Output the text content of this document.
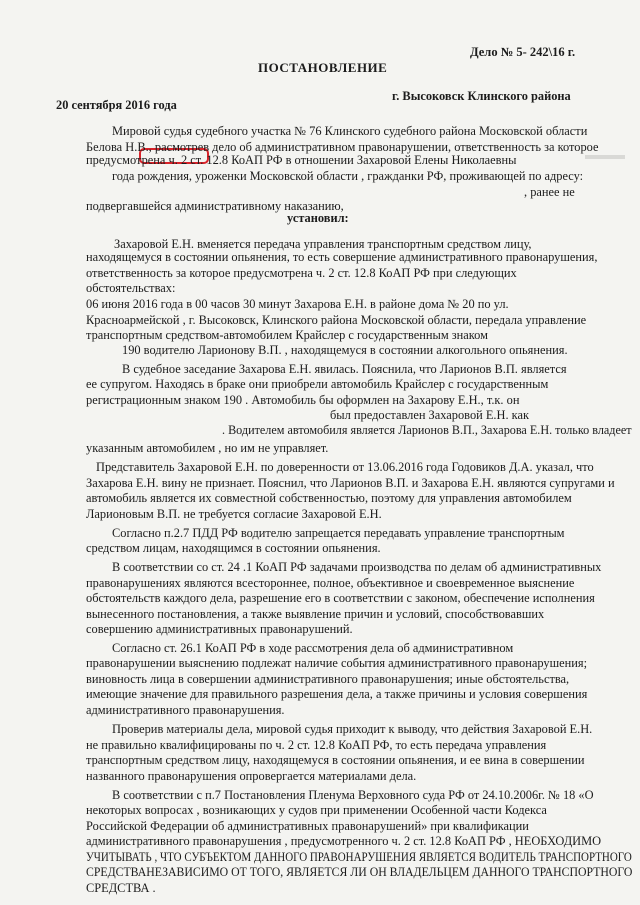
Дело № 5- 242\16 г.
ПОСТАНОВЛЕНИЕ
20 сентября 2016 года
г. Высоковск Клинского района
Мировой судья судебного участка № 76 Клинского судебного района Московской области
Белова Н.В., расмотрев дело об административном правонарушении, ответственность за которое
предусмотрена ч. 2 ст. 12.8 КоАП РФ в отношении Захаровой Елены Николаевны
года рождения, уроженки Московской области , гражданки РФ, проживающей по адресу:
, ранее не
подвергавшейся административному наказанию,
установил:
Захаровой Е.Н. вменяется передача управления транспортным средством лицу,
находящемуся в состоянии опьянения, то есть совершение административного правонарушения,
ответственность за которое предусмотрена ч. 2 ст. 12.8 КоАП РФ при следующих
обстоятельствах:
06 июня 2016 года в 00 часов 30 минут Захарова Е.Н. в районе дома № 20 по ул.
Красноармейской , г. Высоковск, Клинского района Московской области, передала управление
транспортным средством-автомобилем Крайслер с государственным знаком
190 водителю Ларионову В.П. , находящемуся в состоянии алкогольного опьянения.
В судебное заседание Захарова Е.Н. явилась. Пояснила, что Ларионов В.П. является
ее супругом. Находясь в браке они приобрели автомобиль Крайслер с государственным
регистрационным знаком 190 . Автомобиль бы оформлен на Захарову Е.Н., т.к. он
был предоставлен Захаровой Е.Н. как
. Водителем автомобиля является Ларионов В.П., Захарова Е.Н. только владеет
указанным автомобилем , но им не управляет.
Представитель Захаровой Е.Н. по доверенности от 13.06.2016 года Годовиков Д.А. указал, что
Захарова Е.Н. вину не признает. Пояснил, что Ларионов В.П. и Захарова Е.Н. являются супругами и
автомобиль является их совместной собственностью, поэтому для управления автомобилем
Ларионовым В.П. не требуется согласие Захаровой Е.Н.
Согласно п.2.7 ПДД РФ водителю запрещается передавать управление транспортным
средством лицам, находящимся в состоянии опьянения.
В соответствии со ст. 24 .1 КоАП РФ задачами производства по делам об административных
правонарушениях являются всестороннее, полное, объективное и своевременное выяснение
обстоятельств каждого дела, разрешение его в соответствии с законом, обеспечение исполнения
вынесенного постановления, а также выявление причин и условий, способствовавших
совершению административных правонарушений.
Согласно ст. 26.1 КоАП РФ в ходе рассмотрения дела об административном
правонарушении выяснению подлежат наличие события административного правонарушения;
виновность лица в совершении административного правонарушения; иные обстоятельства,
имеющие значение для правильного разрешения дела, а также причины и условия совершения
административного правонарушения.
Проверив материалы дела, мировой судья приходит к выводу, что действия Захаровой Е.Н.
не правильно квалифицированы по ч. 2 ст. 12.8 КоАП РФ, то есть передача управления
транспортным средством лицу, находящемуся в состоянии опьянения, и ее вина в совершении
названного правонарушения опровергается материалами дела.
В соответствии с п.7 Постановления Пленума Верховного суда РФ от 24.10.2006г. № 18 «О
некоторых вопросах , возникающих у судов при применении Особенной части Кодекса
Российской Федерации об административных правонарушений» при квалификации
административного правонарушения , предусмотренного ч. 2 ст. 12.8 КоАП РФ , НЕОБХОДИМО
УЧИТЫВАТЬ , ЧТО СУБЪЕКТОМ ДАННОГО ПРАВОНАРУШЕНИЯ ЯВЛЯЕТСЯ ВОДИТЕЛЬ ТРАНСПОРТНОГО
СРЕДСТВАНЕЗАВИСИМО ОТ ТОГО, ЯВЛЯЕТСЯ ЛИ ОН ВЛАДЕЛЬЦЕМ ДАННОГО ТРАНСПОРТНОГО
СРЕДСТВА .
